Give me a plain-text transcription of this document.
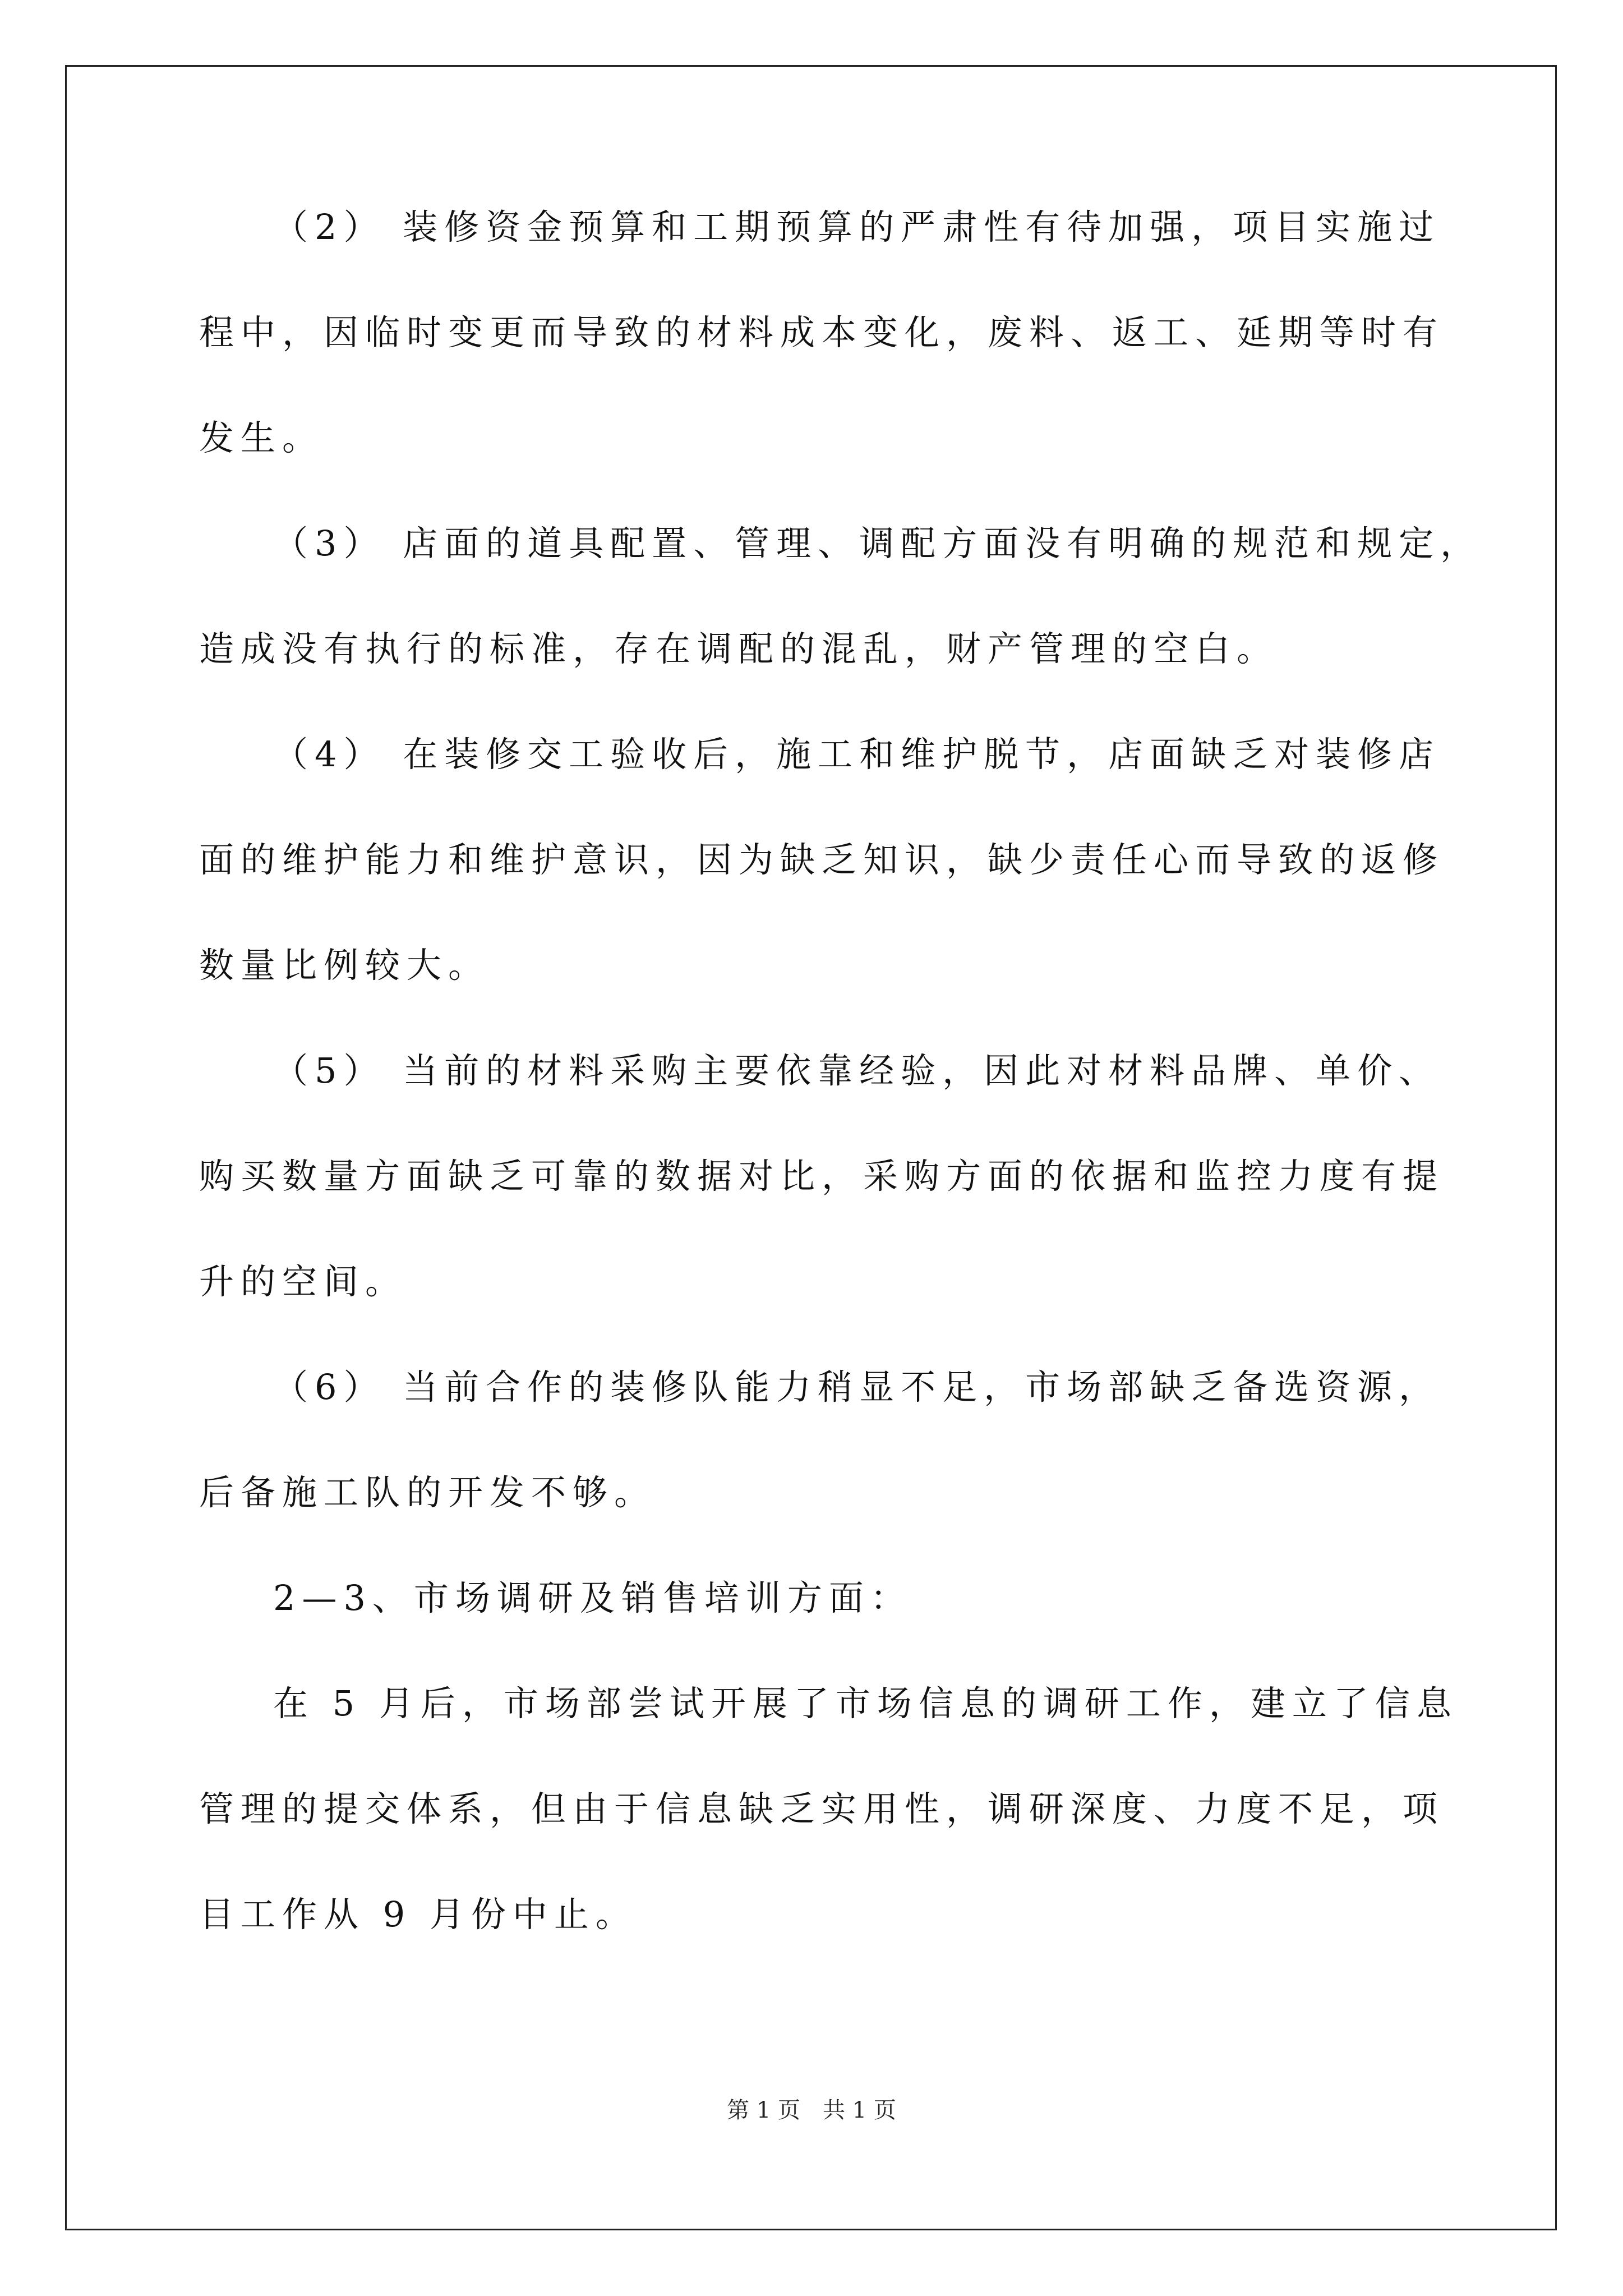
（2） 装修资金预算和工期预算的严肃性有待加强，项目实施过
程中，因临时变更而导致的材料成本变化，废料、返工、延期等时有
发生。
（3） 店面的道具配置、管理、调配方面没有明确的规范和规定，
造成没有执行的标准，存在调配的混乱，财产管理的空白。
（4） 在装修交工验收后，施工和维护脱节，店面缺乏对装修店
面的维护能力和维护意识，因为缺乏知识，缺少责任心而导致的返修
数量比例较大。
（5） 当前的材料采购主要依靠经验，因此对材料品牌、单价、
购买数量方面缺乏可靠的数据对比，采购方面的依据和监控力度有提
升的空间。
（6） 当前合作的装修队能力稍显不足，市场部缺乏备选资源，
后备施工队的开发不够。
2—3、市场调研及销售培训方面：
在 5 月后，市场部尝试开展了市场信息的调研工作，建立了信息
管理的提交体系，但由于信息缺乏实用性，调研深度、力度不足，项
目工作从 9 月份中止。
第 1 页　共 1 页
